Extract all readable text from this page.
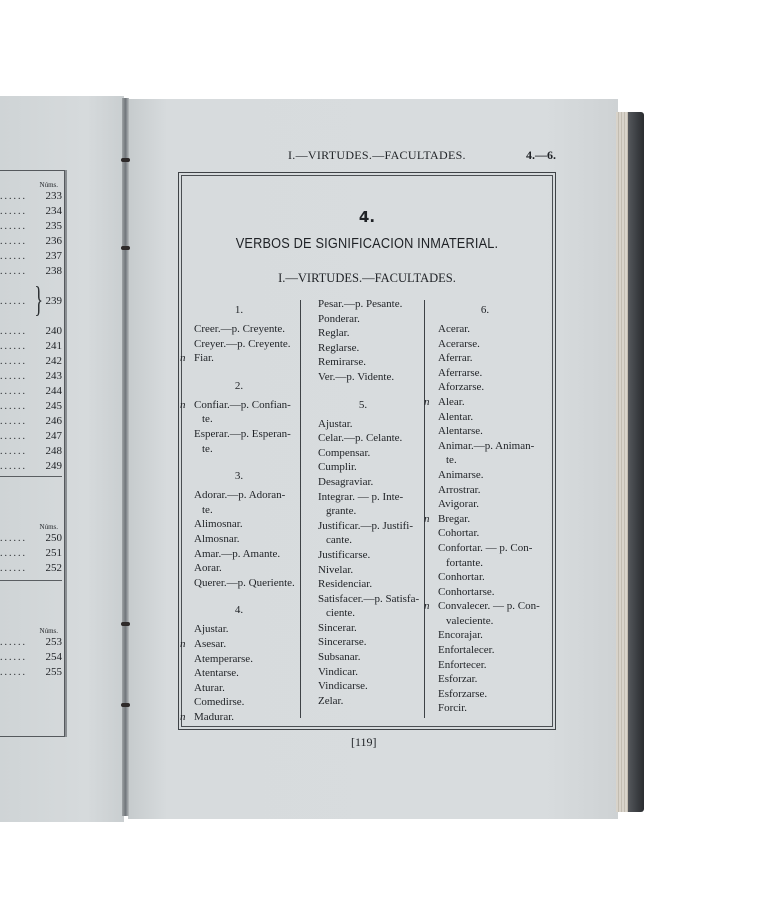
Núms.
...... 233
...... 234
...... 235
...... 236
...... 237
...... 238
...... 239
...... 240
...... 241
...... 242
...... 243
...... 244
...... 245
...... 246
...... 247
...... 248
...... 249
Núms.
...... 250
...... 251
...... 252
Núms.
...... 253
...... 254
...... 255
I.—VIRTUDES.—FACULTADES.	4.—6.
4.
VERBOS DE SIGNIFICACION INMATERIAL.
I.—VIRTUDES.—FACULTADES.
1.
Creer.—p. Creyente.
Creyer.—p. Creyente.
n Fiar.
2.
n Confiar.—p. Confian-
te.
Esperar.—p. Esperan-
te.
3.
Adorar.—p. Adoran-
te.
Alimosnar.
Almosnar.
Amar.—p. Amante.
Aorar.
Querer.—p. Queriente.
4.
Ajustar.
n Asesar.
Atemperarse.
Atentarse.
Aturar.
Comedirse.
n Madurar.
Pesar.—p. Pesante.
Ponderar.
Reglar.
Reglarse.
Remirarse.
Ver.—p. Vidente.
5.
Ajustar.
Celar.—p. Celante.
Compensar.
Cumplir.
Desagraviar.
Integrar. — p. Inte-
grante.
Justificar.—p. Justifi-
cante.
Justificarse.
Nivelar.
Residenciar.
Satisfacer.—p. Satisfa-
ciente.
Sincerar.
Sincerarse.
Subsanar.
Vindicar.
Vindicarse.
Zelar.
6.
Acerar.
Acerarse.
Aferrar.
Aferrarse.
Aforzarse.
n Alear.
Alentar.
Alentarse.
Animar.—p. Animan-
te.
Animarse.
Arrostrar.
Avigorar.
n Bregar.
Cohortar.
Confortar. — p. Con-
fortante.
Conhortar.
Conhortarse.
n Convalecer. — p. Con-
valeciente.
Encorajar.
Enfortalecer.
Enfortecer.
Esforzar.
Esforzarse.
Forcir.
[119]
}
